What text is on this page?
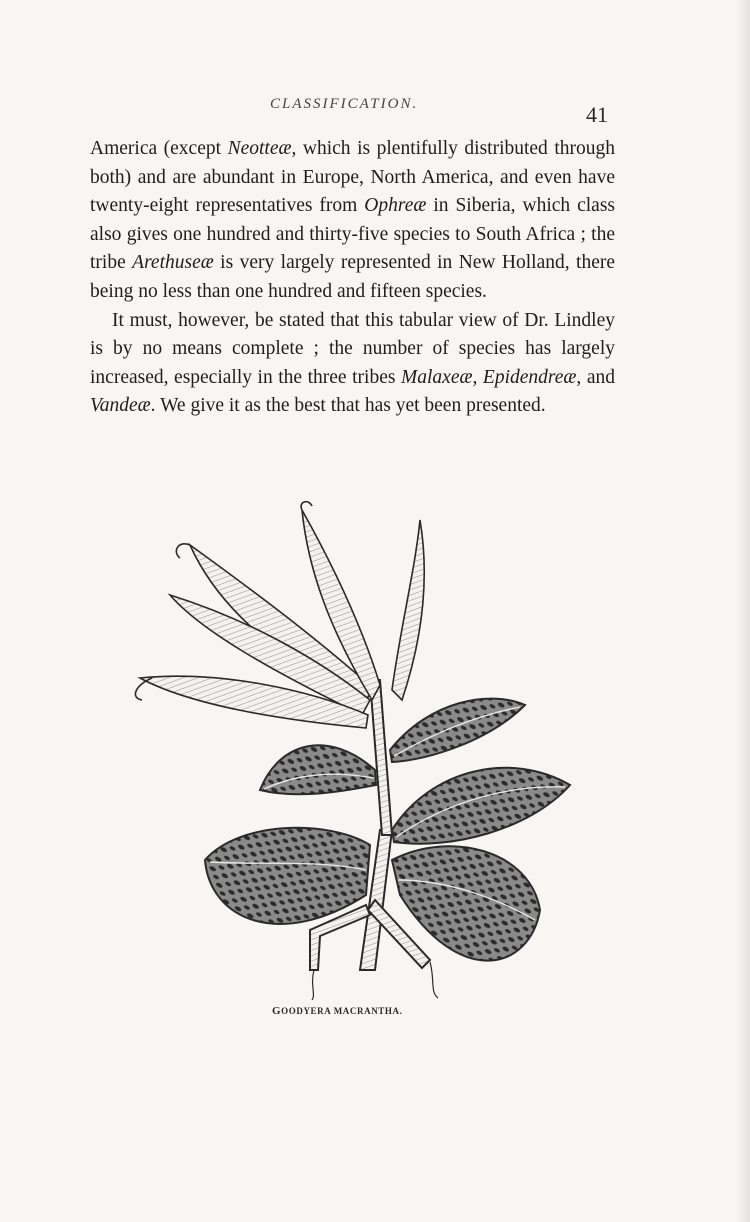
CLASSIFICATION.	41

America (except Neotteæ, which is plentifully distributed through both) and are abundant in Europe, North America, and even have twenty-eight representatives from Ophreæ in Siberia, which class also gives one hundred and thirty-five species to South Africa ; the tribe Arethuseæ is very largely represented in New Holland, there being no less than one hundred and fifteen species.

It must, however, be stated that this tabular view of Dr. Lindley is by no means complete ; the number of species has largely increased, especially in the three tribes Malaxeæ, Epidendreæ, and Vandeæ. We give it as the best that has yet been presented.

GOODYERA MACRANTHA.
